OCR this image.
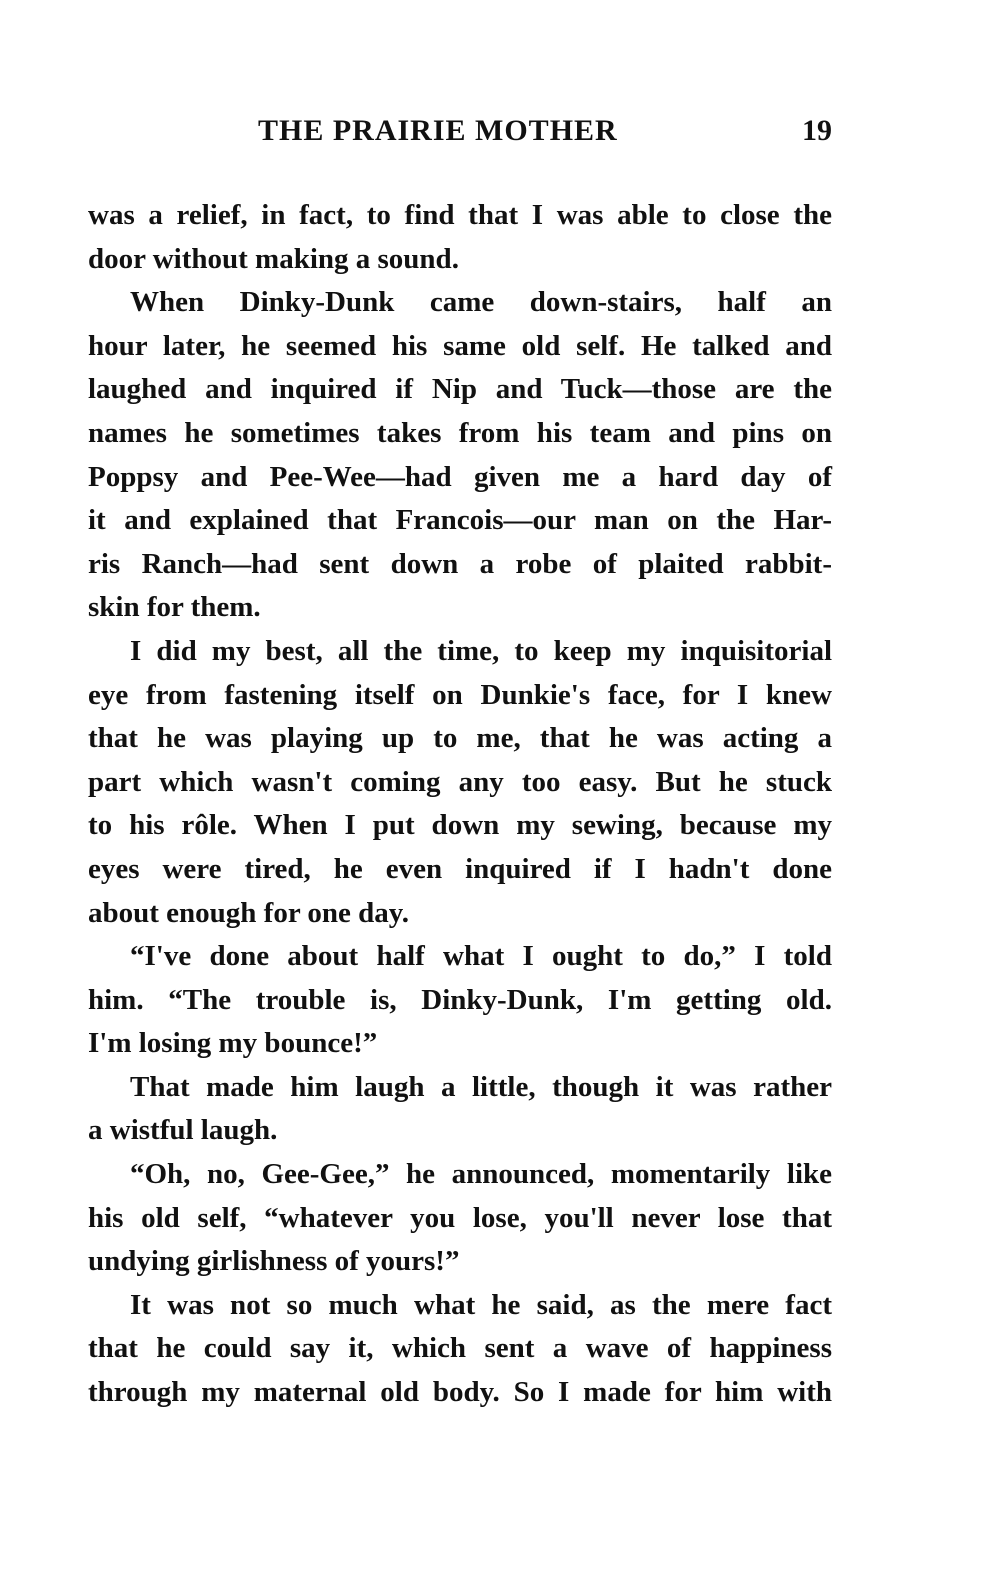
THE PRAIRIE MOTHER	19

was a relief, in fact, to find that I was able to close the
door without making a sound.

When Dinky-Dunk came down-stairs, half an
hour later, he seemed his same old self. He talked and
laughed and inquired if Nip and Tuck—those are the
names he sometimes takes from his team and pins on
Poppsy and Pee-Wee—had given me a hard day of
it and explained that Francois—our man on the Har-
ris Ranch—had sent down a robe of plaited rabbit-
skin for them.

I did my best, all the time, to keep my inquisitorial
eye from fastening itself on Dunkie's face, for I knew
that he was playing up to me, that he was acting a
part which wasn't coming any too easy. But he stuck
to his rôle. When I put down my sewing, because my
eyes were tired, he even inquired if I hadn't done
about enough for one day.

“I've done about half what I ought to do,” I told
him. “The trouble is, Dinky-Dunk, I'm getting old.
I'm losing my bounce!”

That made him laugh a little, though it was rather
a wistful laugh.

“Oh, no, Gee-Gee,” he announced, momentarily like
his old self, “whatever you lose, you'll never lose that
undying girlishness of yours!”

It was not so much what he said, as the mere fact
that he could say it, which sent a wave of happiness
through my maternal old body. So I made for him with
